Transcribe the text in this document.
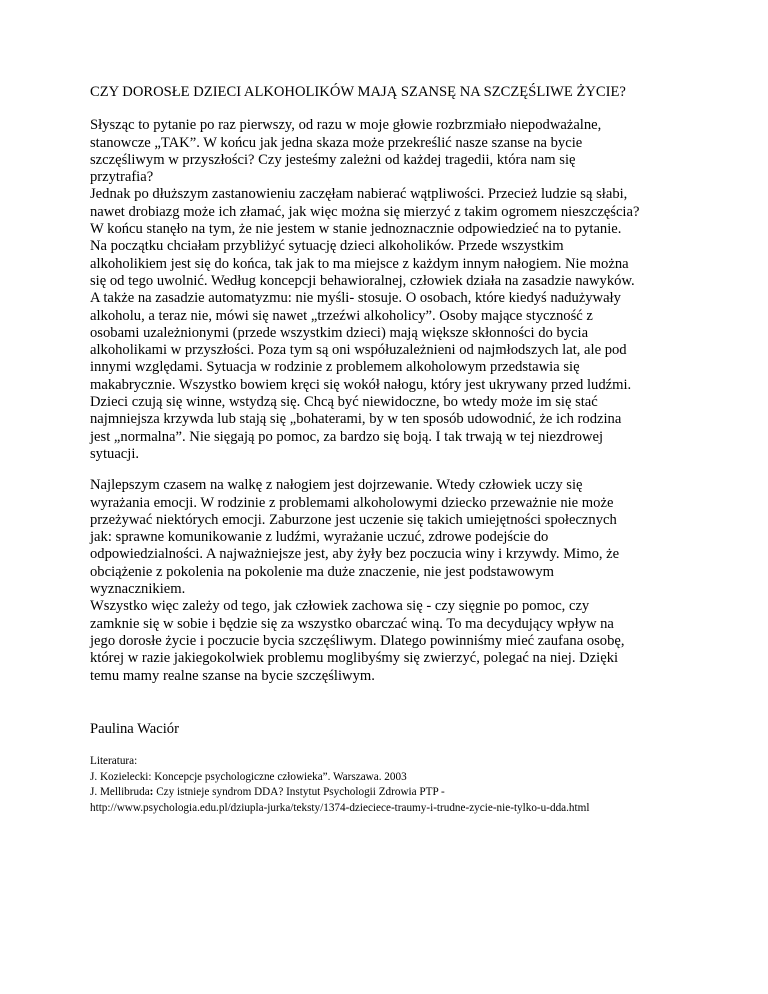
CZY DOROSŁE DZIECI ALKOHOLIKÓW MAJĄ SZANSĘ NA SZCZĘŚLIWE ŻYCIE?
Słysząc to pytanie po raz pierwszy, od razu w moje głowie rozbrzmiało niepodważalne,
stanowcze „TAK”. W końcu jak jedna skaza może przekreślić nasze szanse na bycie
szczęśliwym w przyszłości? Czy jesteśmy zależni od każdej tragedii, która nam się
przytrafia?
Jednak po dłuższym zastanowieniu zaczęłam nabierać wątpliwości. Przecież ludzie są słabi,
nawet drobiazg może ich złamać, jak więc można się mierzyć z takim ogromem nieszczęścia?
W końcu stanęło na tym, że nie jestem w stanie jednoznacznie odpowiedzieć na to pytanie.
Na początku chciałam przybliżyć sytuację dzieci alkoholików. Przede wszystkim
alkoholikiem jest się do końca, tak jak to ma miejsce z każdym innym nałogiem. Nie można
się od tego uwolnić. Według koncepcji behawioralnej, człowiek działa na zasadzie nawyków.
A także na zasadzie automatyzmu: nie myśli- stosuje. O osobach, które kiedyś nadużywały
alkoholu, a teraz nie, mówi się nawet „trzeźwi alkoholicy”. Osoby mające styczność z
osobami uzależnionymi (przede wszystkim dzieci) mają większe skłonności do bycia
alkoholikami w przyszłości. Poza tym są oni współuzależnieni od najmłodszych lat, ale pod
innymi względami. Sytuacja w rodzinie z problemem alkoholowym przedstawia się
makabrycznie. Wszystko bowiem kręci się wokół nałogu, który jest ukrywany przed ludźmi.
Dzieci czują się winne, wstydzą się. Chcą być niewidoczne, bo wtedy może im się stać
najmniejsza krzywda lub stają się „bohaterami, by w ten sposób udowodnić, że ich rodzina
jest „normalna”. Nie sięgają po pomoc, za bardzo się boją. I tak trwają w tej niezdrowej
sytuacji.
Najlepszym czasem na walkę z nałogiem jest dojrzewanie. Wtedy człowiek uczy się
wyrażania emocji. W rodzinie z problemami alkoholowymi dziecko przeważnie nie może
przeżywać niektórych emocji. Zaburzone jest uczenie się takich umiejętności społecznych
jak: sprawne komunikowanie z ludźmi, wyrażanie uczuć, zdrowe podejście do
odpowiedzialności. A najważniejsze jest, aby żyły bez poczucia winy i krzywdy. Mimo, że
obciążenie z pokolenia na pokolenie ma duże znaczenie, nie jest podstawowym
wyznacznikiem.
Wszystko więc zależy od tego, jak człowiek zachowa się - czy sięgnie po pomoc, czy
zamknie się w sobie i będzie się za wszystko obarczać winą. To ma decydujący wpływ na
jego dorosłe życie i poczucie bycia szczęśliwym. Dlatego powinniśmy mieć zaufana osobę,
której w razie jakiegokolwiek problemu moglibyśmy się zwierzyć, polegać na niej. Dzięki
temu mamy realne szanse na bycie szczęśliwym.
Paulina Waciór
Literatura:
J. Kozielecki: Koncepcje psychologiczne człowieka”. Warszawa. 2003
J. Mellibruda: Czy istnieje syndrom DDA? Instytut Psychologii Zdrowia PTP -
http://www.psychologia.edu.pl/dziupla-jurka/teksty/1374-dzieciece-traumy-i-trudne-zycie-nie-tylko-u-dda.html
